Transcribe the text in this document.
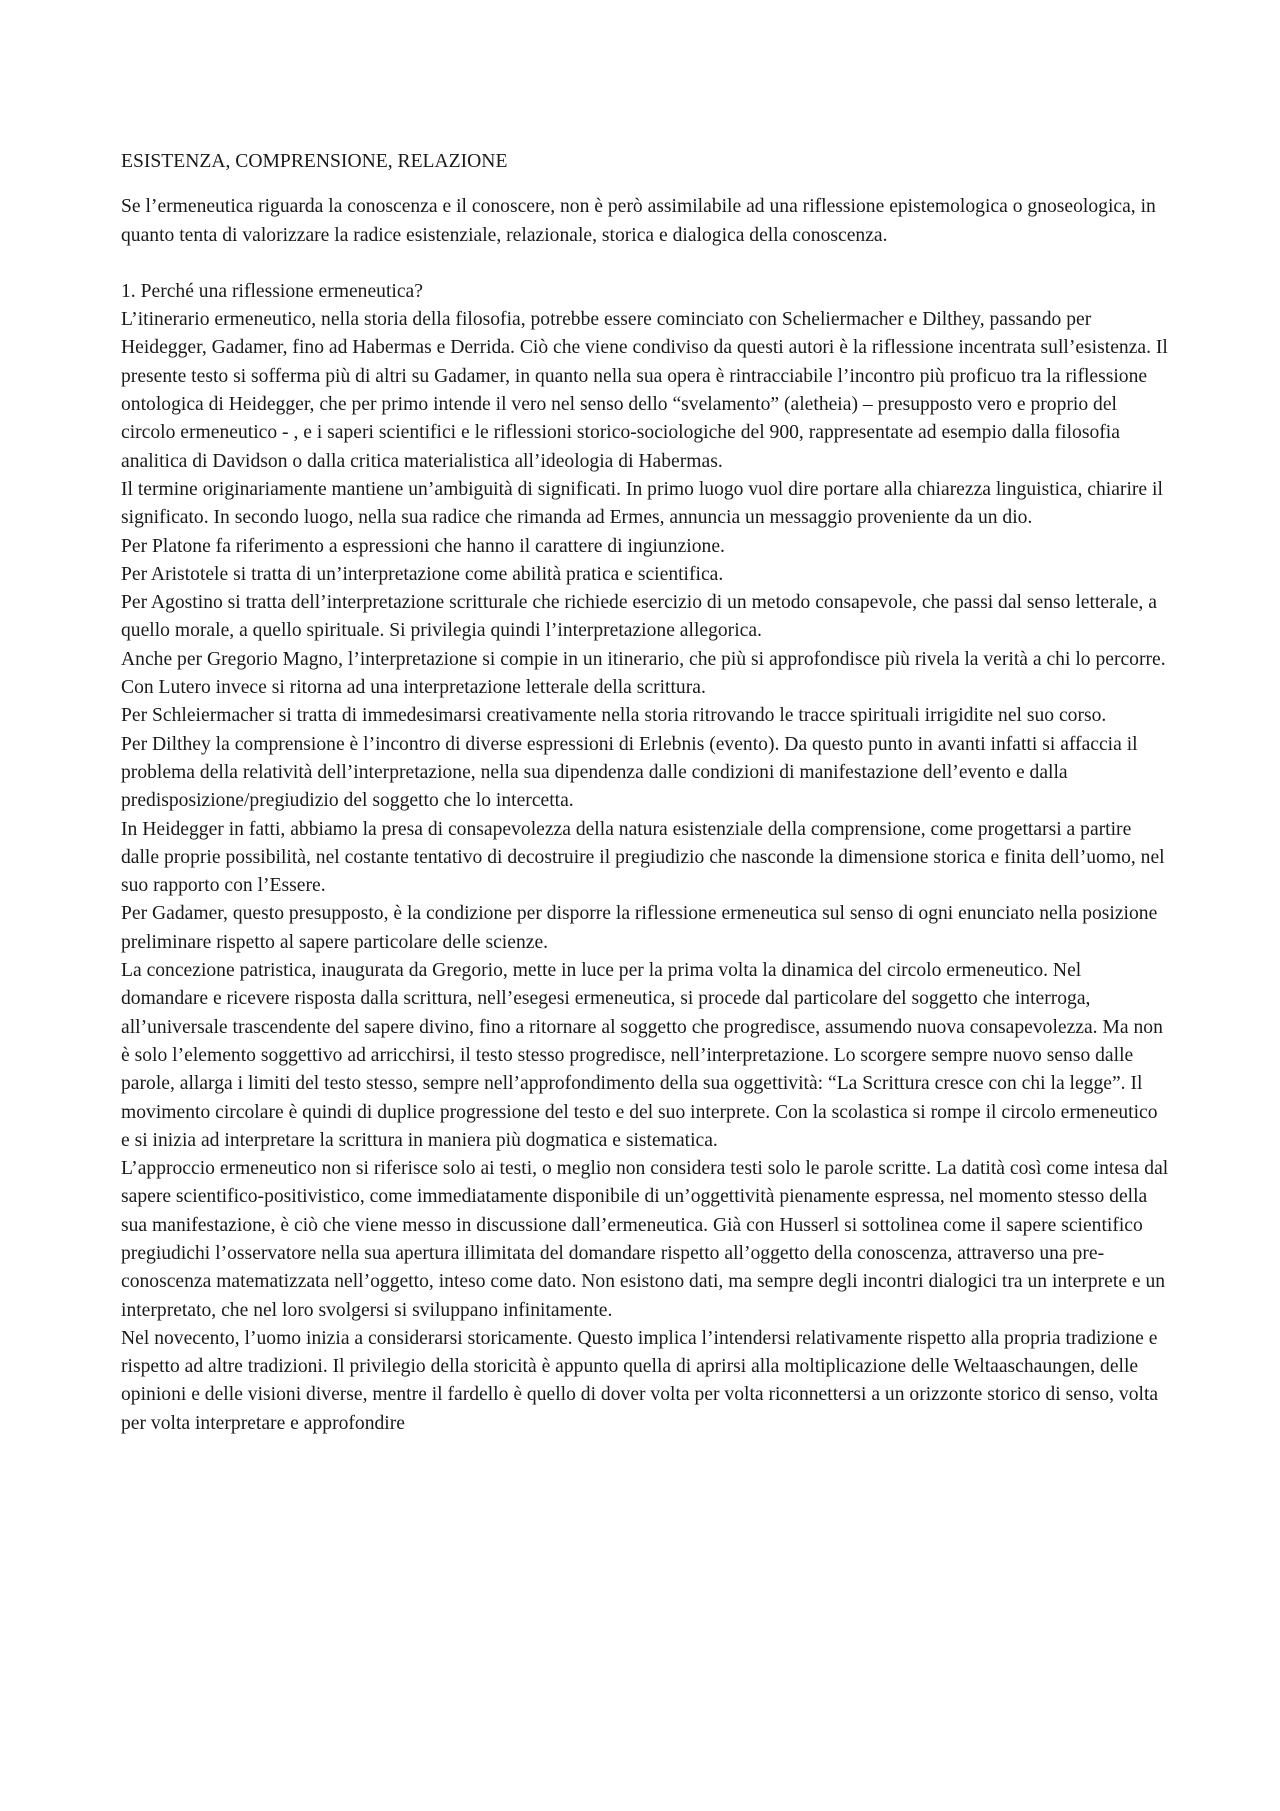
ESISTENZA, COMPRENSIONE, RELAZIONE

Se l’ermeneutica riguarda la conoscenza e il conoscere, non è però assimilabile ad una riflessione epistemologica o gnoseologica, in quanto tenta di valorizzare la radice esistenziale, relazionale, storica e dialogica della conoscenza.

1. Perché una riflessione ermeneutica?

L’itinerario ermeneutico, nella storia della filosofia, potrebbe essere cominciato con Scheliermacher e Dilthey, passando per Heidegger, Gadamer, fino ad Habermas e Derrida. Ciò che viene condiviso da questi autori è la riflessione incentrata sull’esistenza. Il presente testo si sofferma più di altri su Gadamer, in quanto nella sua opera è rintracciabile l’incontro più proficuo tra la riflessione ontologica di Heidegger, che per primo intende il vero nel senso dello “svelamento” (aletheia) – presupposto vero e proprio del circolo ermeneutico - , e i saperi scientifici e le riflessioni storico-sociologiche del 900, rappresentate ad esempio dalla filosofia analitica di Davidson o dalla critica materialistica all’ideologia di Habermas.

Il termine originariamente mantiene un’ambiguità di significati. In primo luogo vuol dire portare alla chiarezza linguistica, chiarire il significato. In secondo luogo, nella sua radice che rimanda ad Ermes, annuncia un messaggio proveniente da un dio.

Per Platone fa riferimento a espressioni che hanno il carattere di ingiunzione.

Per Aristotele si tratta di un’interpretazione come abilità pratica e scientifica.

Per Agostino si tratta dell’interpretazione scritturale che richiede esercizio di un metodo consapevole, che passi dal senso letterale, a quello morale, a quello spirituale. Si privilegia quindi l’interpretazione allegorica.

Anche per Gregorio Magno, l’interpretazione si compie in un itinerario, che più si approfondisce più rivela la verità a chi lo percorre.

Con Lutero invece si ritorna ad una interpretazione letterale della scrittura.

Per Schleiermacher si tratta di immedesimarsi creativamente nella storia ritrovando le tracce spirituali irrigidite nel suo corso.

Per Dilthey la comprensione è l’incontro di diverse espressioni di Erlebnis (evento). Da questo punto in avanti infatti si affaccia il problema della relatività dell’interpretazione, nella sua dipendenza dalle condizioni di manifestazione dell’evento e dalla predisposizione/pregiudizio del soggetto che lo intercetta.

In Heidegger in fatti, abbiamo la presa di consapevolezza della natura esistenziale della comprensione, come progettarsi a partire dalle proprie possibilità, nel costante tentativo di decostruire il pregiudizio che nasconde la dimensione storica e finita dell’uomo, nel suo rapporto con l’Essere.

Per Gadamer, questo presupposto, è la condizione per disporre la riflessione ermeneutica sul senso di ogni enunciato nella posizione preliminare rispetto al sapere particolare delle scienze.

La concezione patristica, inaugurata da Gregorio, mette in luce per la prima volta la dinamica del circolo ermeneutico. Nel domandare e ricevere risposta dalla scrittura, nell’esegesi ermeneutica, si procede dal particolare del soggetto che interroga, all’universale trascendente del sapere divino, fino a ritornare al soggetto che progredisce, assumendo nuova consapevolezza. Ma non è solo l’elemento soggettivo ad arricchirsi, il testo stesso progredisce, nell’interpretazione. Lo scorgere sempre nuovo senso dalle parole, allarga i limiti del testo stesso, sempre nell’approfondimento della sua oggettività: “La Scrittura cresce con chi la legge”. Il movimento circolare è quindi di duplice progressione del testo e del suo interprete. Con la scolastica si rompe il circolo ermeneutico e si inizia ad interpretare la scrittura in maniera più dogmatica e sistematica.

L’approccio ermeneutico non si riferisce solo ai testi, o meglio non considera testi solo le parole scritte. La datità così come intesa dal sapere scientifico-positivistico, come immediatamente disponibile di un’oggettività pienamente espressa, nel momento stesso della sua manifestazione, è ciò che viene messo in discussione dall’ermeneutica. Già con Husserl si sottolinea come il sapere scientifico pregiudichi l’osservatore nella sua apertura illimitata del domandare rispetto all’oggetto della conoscenza, attraverso una pre-conoscenza matematizzata nell’oggetto, inteso come dato. Non esistono dati, ma sempre degli incontri dialogici tra un interprete e un interpretato, che nel loro svolgersi si sviluppano infinitamente.

Nel novecento, l’uomo inizia a considerarsi storicamente. Questo implica l’intendersi relativamente rispetto alla propria tradizione e rispetto ad altre tradizioni. Il privilegio della storicità è appunto quella di aprirsi alla moltiplicazione delle Weltaaschaungen, delle opinioni e delle visioni diverse, mentre il fardello è quello di dover volta per volta riconnettersi a un orizzonte storico di senso, volta per volta interpretare e approfondire
